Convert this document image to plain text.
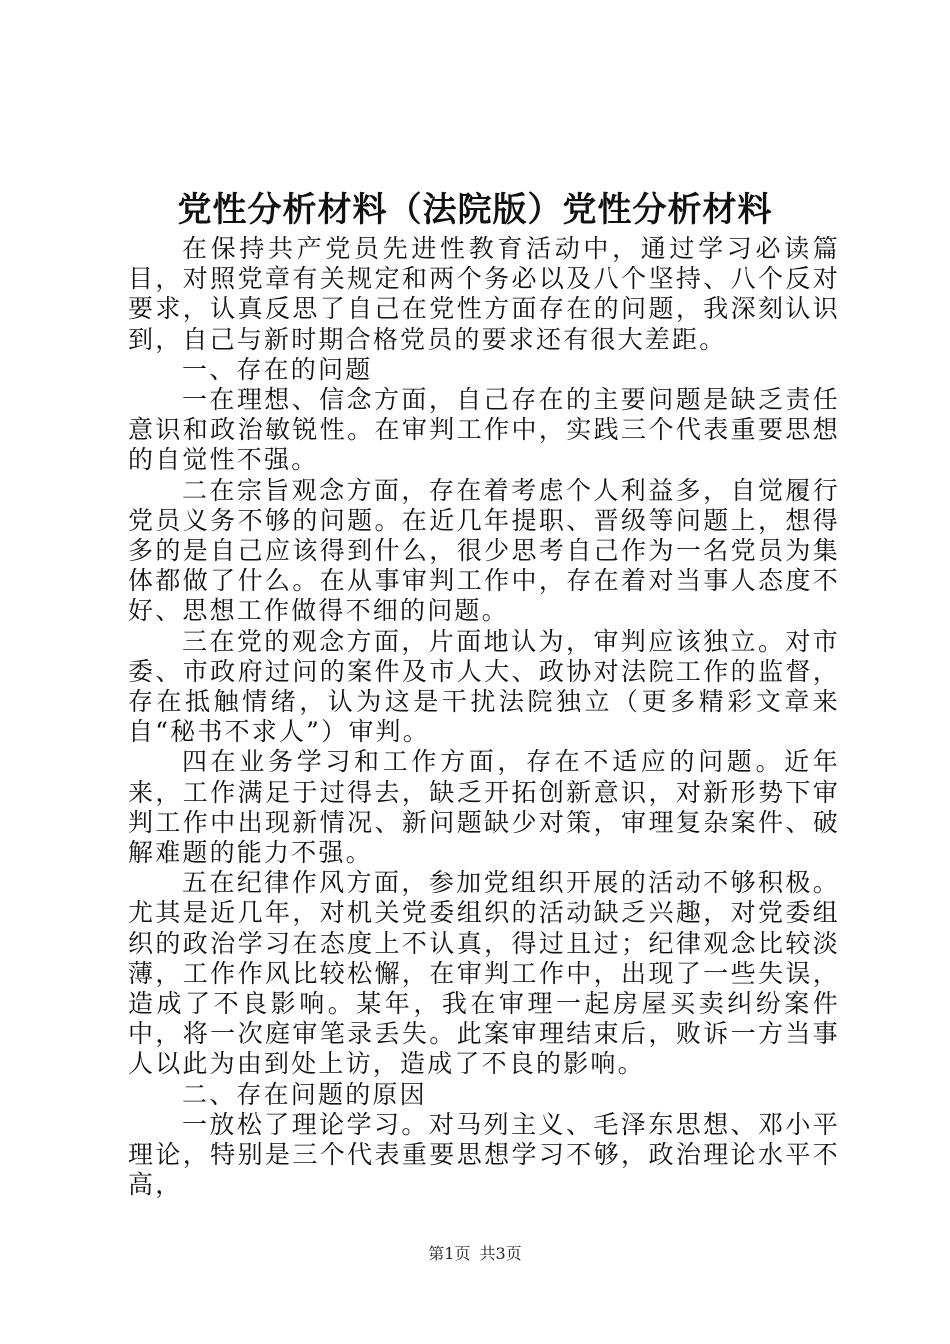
党性分析材料（法院版）党性分析材料

在保持共产党员先进性教育活动中，通过学习必读篇目，对照党章有关规定和两个务必以及八个坚持、八个反对要求，认真反思了自己在党性方面存在的问题，我深刻认识到，自己与新时期合格党员的要求还有很大差距。

一、存在的问题

一在理想、信念方面，自己存在的主要问题是缺乏责任意识和政治敏锐性。在审判工作中，实践三个代表重要思想的自觉性不强。

二在宗旨观念方面，存在着考虑个人利益多，自觉履行党员义务不够的问题。在近几年提职、晋级等问题上，想得多的是自己应该得到什么，很少思考自己作为一名党员为集体都做了什么。在从事审判工作中，存在着对当事人态度不好、思想工作做得不细的问题。

三在党的观念方面，片面地认为，审判应该独立。对市委、市政府过问的案件及市人大、政协对法院工作的监督，存在抵触情绪，认为这是干扰法院独立（更多精彩文章来自“秘书不求人”）审判。

四在业务学习和工作方面，存在不适应的问题。近年来，工作满足于过得去，缺乏开拓创新意识，对新形势下审判工作中出现新情况、新问题缺少对策，审理复杂案件、破解难题的能力不强。

五在纪律作风方面，参加党组织开展的活动不够积极。尤其是近几年，对机关党委组织的活动缺乏兴趣，对党委组织的政治学习在态度上不认真，得过且过；纪律观念比较淡薄，工作作风比较松懈，在审判工作中，出现了一些失误，造成了不良影响。某年，我在审理一起房屋买卖纠纷案件中，将一次庭审笔录丢失。此案审理结束后，败诉一方当事人以此为由到处上访，造成了不良的影响。

二、存在问题的原因

一放松了理论学习。对马列主义、毛泽东思想、邓小平理论，特别是三个代表重要思想学习不够，政治理论水平不高，

第1页 共3页
